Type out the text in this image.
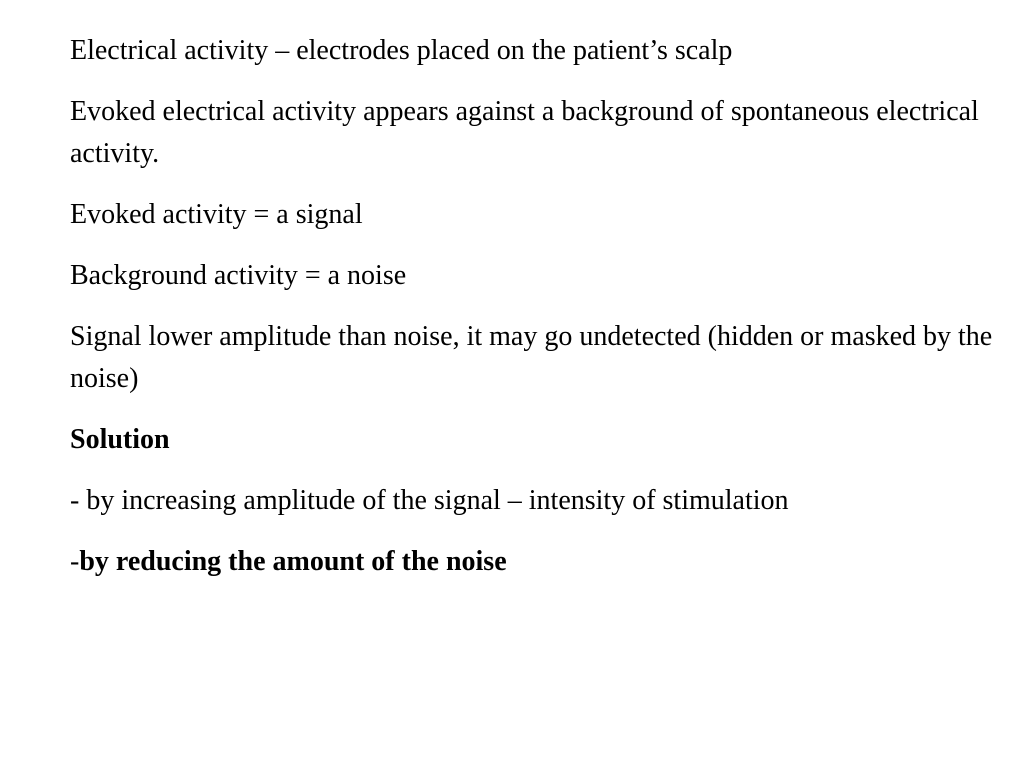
Electrical activity – electrodes placed on the patient’s scalp

Evoked electrical activity appears against a background of spontaneous electrical activity.

Evoked activity = a signal

Background activity = a noise

Signal lower amplitude than noise, it may go undetected (hidden or masked by the noise)

Solution

- by increasing amplitude of the signal – intensity of stimulation

-by reducing the amount of the noise
